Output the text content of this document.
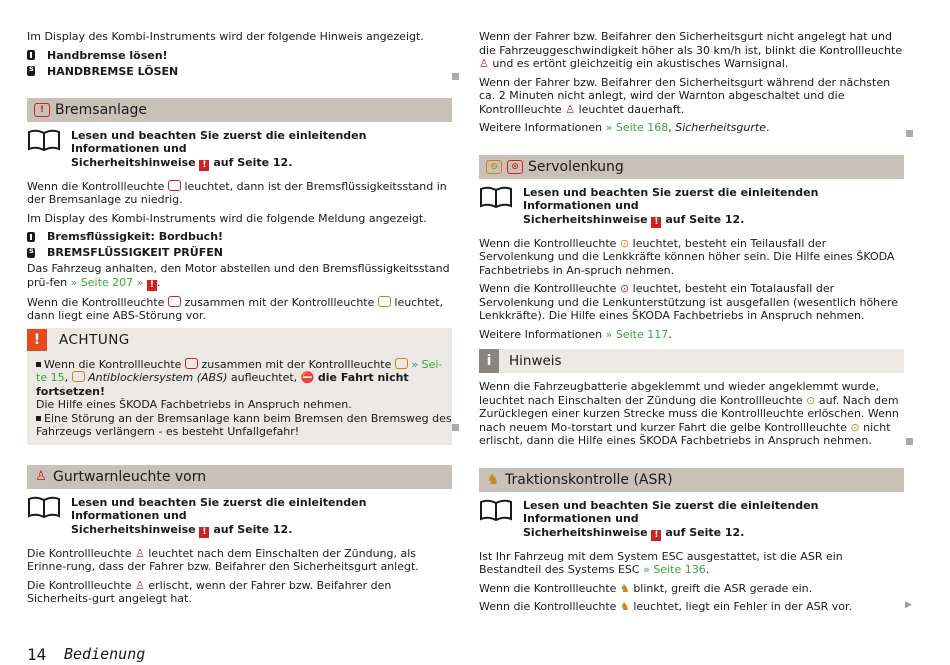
Im Display des Kombi-Instruments wird der folgende Hinweis angezeigt.

Handbremse lösen!
s
HANDBREMSE LÖSEN
! Bremsanlage
Lesen und beachten Sie zuerst die einleitenden Informationen und
Sicherheitshinweise ! auf Seite 12.

Wenn die Kontrollleuchte leuchtet, dann ist der Bremsflüssigkeitsstand in der Bremsanlage zu niedrig.

Im Display des Kombi-Instruments wird die folgende Meldung angezeigt.

Bremsflüssigkeit: Bordbuch!
s
BREMSFLÜSSIGKEIT PRÜFEN

Das Fahrzeug anhalten, den Motor abstellen und den Bremsflüssigkeitsstand prü-fen » Seite 207 » ! .

Wenn die Kontrollleuchte zusammen mit der Kontrollleuchte leuchtet, dann liegt eine ABS-Störung vor.

!	ACHTUNG
Wenn die Kontrollleuchte zusammen mit der Kontrollleuchte » Sei-te 15,  Antiblockiersystem (ABS) aufleuchtet, ⛔ die Fahrt nicht fortsetzen!
Die Hilfe eines ŠKODA Fachbetriebs in Anspruch nehmen.
Eine Störung an der Bremsanlage kann beim Bremsen den Bremsweg des Fahrzeugs verlängern - es besteht Unfallgefahr!
♙ Gurtwarnleuchte vorn
Lesen und beachten Sie zuerst die einleitenden Informationen und
Sicherheitshinweise ! auf Seite 12.

Die Kontrollleuchte ♙ leuchtet nach dem Einschalten der Zündung, als Erinne-rung, dass der Fahrer bzw. Beifahrer den Sicherheitsgurt anlegt.

Die Kontrollleuchte ♙ erlischt, wenn der Fahrer bzw. Beifahrer den Sicherheits-gurt angelegt hat.

Wenn der Fahrer bzw. Beifahrer den Sicherheitsgurt nicht angelegt hat und die Fahrzeuggeschwindigkeit höher als 30 km/h ist, blinkt die Kontrollleuchte ♙ und es ertönt gleichzeitig ein akustisches Warnsignal.

Wenn der Fahrer bzw. Beifahrer den Sicherheitsgurt während der nächsten ca. 2 Minuten nicht anlegt, wird der Warnton abgeschaltet und die Kontrollleuchte ♙ leuchtet dauerhaft.

Weitere Informationen » Seite 168, Sicherheitsgurte.

⊙	⊙ Servolenkung
Lesen und beachten Sie zuerst die einleitenden Informationen und
Sicherheitshinweise ! auf Seite 12.

Wenn die Kontrollleuchte ⊙ leuchtet, besteht ein Teilausfall der Servolenkung und die Lenkkräfte können höher sein. Die Hilfe eines ŠKODA Fachbetriebs in An-spruch nehmen.

Wenn die Kontrollleuchte ⊙ leuchtet, besteht ein Totalausfall der Servolenkung und die Lenkunterstützung ist ausgefallen (wesentlich höhere Lenkkräfte). Die Hilfe eines ŠKODA Fachbetriebs in Anspruch nehmen.

Weitere Informationen » Seite 117.

i	Hinweis

Wenn die Fahrzeugbatterie abgeklemmt und wieder angeklemmt wurde, leuchtet nach Einschalten der Zündung die Kontrollleuchte ⊙ auf. Nach dem Zurücklegen einer kurzen Strecke muss die Kontrollleuchte erlöschen. Wenn nach neuem Mo-torstart und kurzer Fahrt die gelbe Kontrollleuchte ⊙ nicht erlischt, dann die Hilfe eines ŠKODA Fachbetriebs in Anspruch nehmen.

♞ Traktionskontrolle (ASR)
Lesen und beachten Sie zuerst die einleitenden Informationen und
Sicherheitshinweise ! auf Seite 12.

Ist Ihr Fahrzeug mit dem System ESC ausgestattet, ist die ASR ein Bestandteil des Systems ESC » Seite 136.

Wenn die Kontrollleuchte ♞ blinkt, greift die ASR gerade ein.

Wenn die Kontrollleuchte ♞ leuchtet, liegt ein Fehler in der ASR vor.	▶
14 Bedienung
